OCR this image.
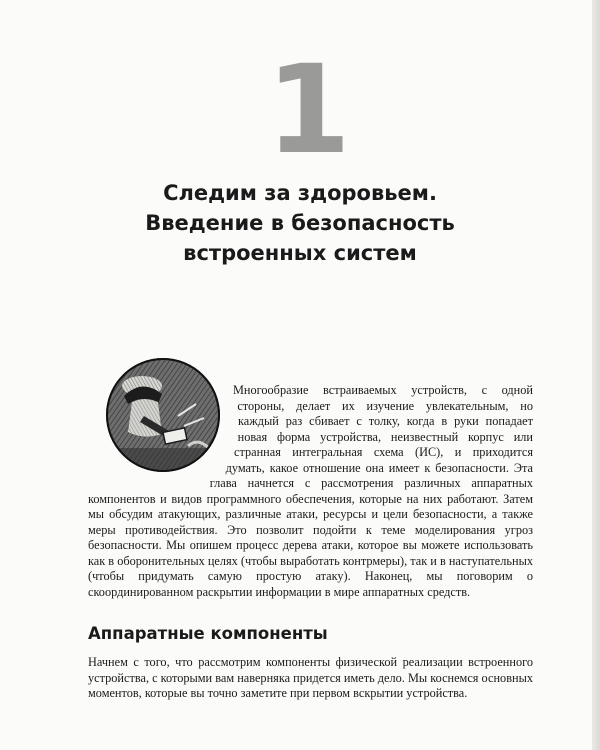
1
Следим за здоровьем.
Введение в безопасность
встроенных систем

Многообразие встраиваемых устройств, с одной стороны, делает их изучение увлекательным, но каждый раз сбивает с толку, когда в руки попадает новая форма устройства, неизвестный корпус или странная интегральная схема (ИС), и приходится думать, какое отношение она имеет к безопасности. Эта глава начнется с рассмотрения различных аппаратных компонентов и видов программного обеспечения, которые на них работают. Затем мы обсудим атакующих, различные атаки, ресурсы и цели безопасности, а также меры противодействия. Это позволит подойти к теме моделирования угроз безопасности. Мы опишем процесс дерева атаки, которое вы можете использовать как в оборонительных целях (чтобы выработать контрмеры), так и в наступательных (чтобы придумать самую простую атаку). Наконец, мы поговорим о скоординированном раскрытии информации в мире аппаратных средств.

Аппаратные компоненты

Начнем с того, что рассмотрим компоненты физической реализации встроенного устройства, с которыми вам наверняка придется иметь дело. Мы коснемся основных моментов, которые вы точно заметите при первом вскрытии устройства.
